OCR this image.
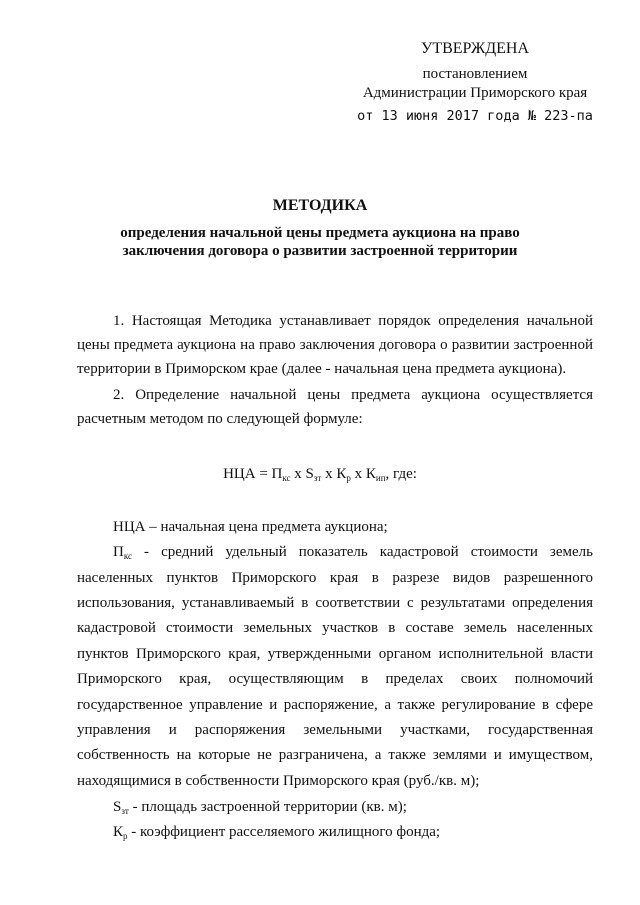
УТВЕРЖДЕНА
постановлением
Администрации Приморского края
от 13 июня 2017 года № 223-па
МЕТОДИКА
определения начальной цены предмета аукциона на право
заключения договора о развитии застроенной территории
1. Настоящая Методика устанавливает порядок определения начальной
цены предмета аукциона на право заключения договора о развитии застроенной
территории в Приморском крае (далее - начальная цена предмета аукциона).
2. Определение начальной цены предмета аукциона осуществляется
расчетным методом по следующей формуле:
НЦА = $П_{кс}$ x $S_{зт}$ x $К_р$ x $К_{ип}$, где:
НЦА – начальная цена предмета аукциона;
$П_{кс}$ - средний удельный показатель кадастровой стоимости земель
населенных пунктов Приморского края в разрезе видов разрешенного
использования, устанавливаемый в соответствии с результатами определения
кадастровой стоимости земельных участков в составе земель населенных
пунктов Приморского края, утвержденными органом исполнительной власти
Приморского края, осуществляющим в пределах своих полномочий
государственное управление и распоряжение, а также регулирование в сфере
управления и распоряжения земельными участками, государственная
собственность на которые не разграничена, а также землями и имуществом,
находящимися в собственности Приморского края (руб./кв. м);
$S_{зт}$ - площадь застроенной территории (кв. м);
$К_р$ - коэффициент расселяемого жилищного фонда;
